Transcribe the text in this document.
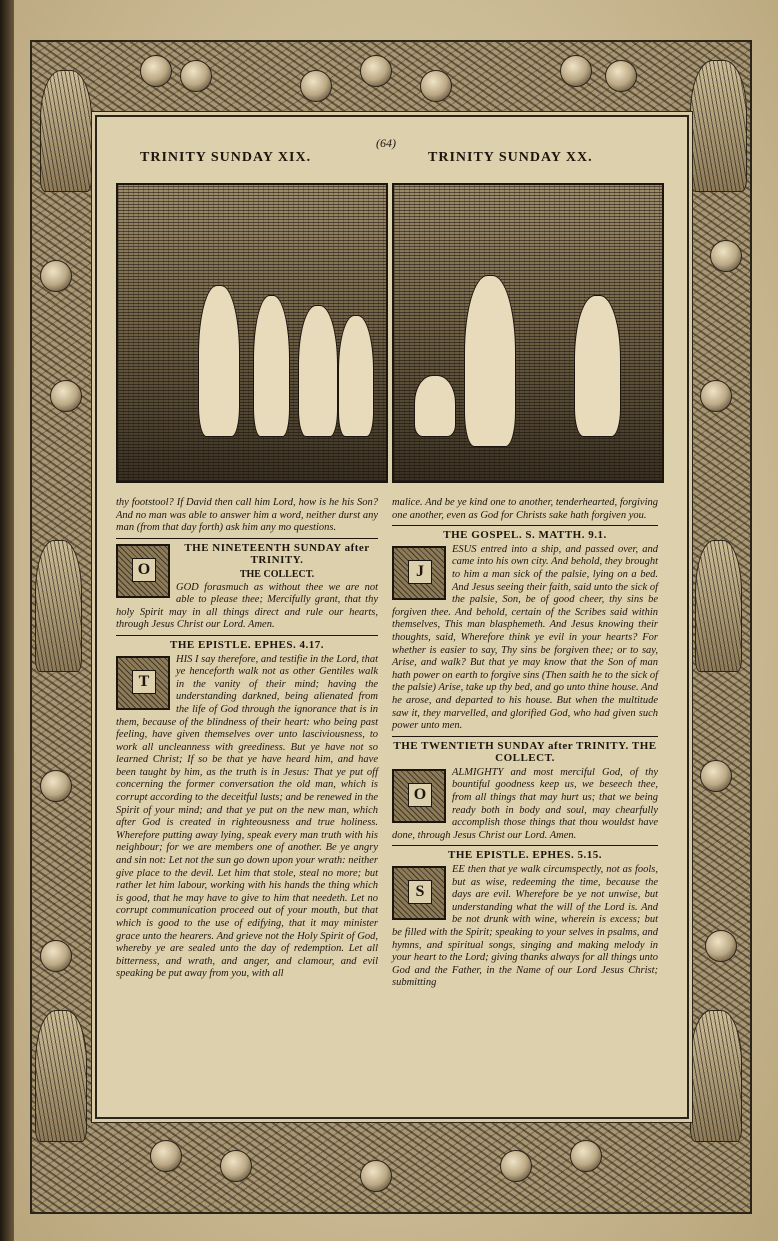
(64)
TRINITY SUNDAY XIX.	TRINITY SUNDAY XX.

thy footstool? If David then call him Lord, how is he his Son? And no man was able to answer him a word, neither durst any man (from that day forth) ask him any mo questions.

O
THE NINETEENTH SUNDAY after TRINITY.
THE COLLECT.

GOD forasmuch as without thee we are not able to please thee; Mercifully grant, that thy holy Spirit may in all things direct and rule our hearts, through Jesus Christ our Lord. Amen.

THE EPISTLE. EPHES. 4.17.
T

HIS I say therefore, and testifie in the Lord, that ye henceforth walk not as other Gentiles walk in the vanity of their mind; having the understanding darkned, being alienated from the life of God through the ignorance that is in them, because of the blindness of their heart: who being past feeling, have given themselves over unto lasciviousness, to work all uncleanness with greediness. But ye have not so learned Christ; If so be that ye have heard him, and have been taught by him, as the truth is in Jesus: That ye put off concerning the former conversation the old man, which is corrupt according to the deceitful lusts; and be renewed in the Spirit of your mind; and that ye put on the new man, which after God is created in righteousness and true holiness. Wherefore putting away lying, speak every man truth with his neighbour; for we are members one of another. Be ye angry and sin not: Let not the sun go down upon your wrath: neither give place to the devil. Let him that stole, steal no more; but rather let him labour, working with his hands the thing which is good, that he may have to give to him that needeth. Let no corrupt communication proceed out of your mouth, but that which is good to the use of edifying, that it may minister grace unto the hearers. And grieve not the Holy Spirit of God, whereby ye are sealed unto the day of redemption. Let all bitterness, and wrath, and anger, and clamour, and evil speaking be put away from you, with all

malice. And be ye kind one to another, tenderhearted, forgiving one another, even as God for Christs sake hath forgiven you.

THE GOSPEL. S. MATTH. 9.1.
J

ESUS entred into a ship, and passed over, and came into his own city. And behold, they brought to him a man sick of the palsie, lying on a bed. And Jesus seeing their faith, said unto the sick of the palsie, Son, be of good cheer, thy sins be forgiven thee. And behold, certain of the Scribes said within themselves, This man blasphemeth. And Jesus knowing their thoughts, said, Wherefore think ye evil in your hearts? For whether is easier to say, Thy sins be forgiven thee; or to say, Arise, and walk? But that ye may know that the Son of man hath power on earth to forgive sins (Then saith he to the sick of the palsie) Arise, take up thy bed, and go unto thine house. And he arose, and departed to his house. But when the multitude saw it, they marvelled, and glorified God, who had given such power unto men.

THE TWENTIETH SUNDAY after TRINITY. THE COLLECT.
O

ALMIGHTY and most merciful God, of thy bountiful goodness keep us, we beseech thee, from all things that may hurt us; that we being ready both in body and soul, may chearfully accomplish those things that thou wouldst have done, through Jesus Christ our Lord. Amen.

THE EPISTLE. EPHES. 5.15.
S

EE then that ye walk circumspectly, not as fools, but as wise, redeeming the time, because the days are evil. Wherefore be ye not unwise, but understanding what the will of the Lord is. And be not drunk with wine, wherein is excess; but be filled with the Spirit; speaking to your selves in psalms, and hymns, and spiritual songs, singing and making melody in your heart to the Lord; giving thanks always for all things unto God and the Father, in the Name of our Lord Jesus Christ; submitting
